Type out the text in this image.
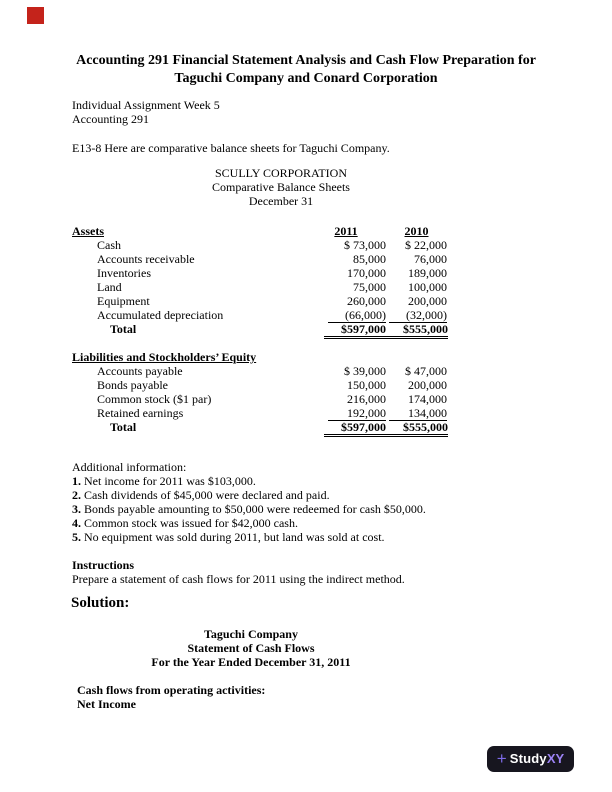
Accounting 291 Financial Statement Analysis and Cash Flow Preparation for
Taguchi Company and Conard Corporation
Individual Assignment Week 5
Accounting 291
E13-8 Here are comparative balance sheets for Taguchi Company.
SCULLY CORPORATION
Comparative Balance Sheets
December 31
Assets	2011	2010
Cash	$ 73,000	$ 22,000
Accounts receivable	85,000	76,000
Inventories	170,000	189,000
Land	75,000	100,000
Equipment	260,000	200,000
Accumulated depreciation	(66,000)	(32,000)
Total	$597,000	$555,000
Liabilities and Stockholders’ Equity
Accounts payable	$ 39,000	$ 47,000
Bonds payable	150,000	200,000
Common stock ($1 par)	216,000	174,000
Retained earnings	192,000	134,000
Total	$597,000	$555,000
Additional information:
1. Net income for 2011 was $103,000.
2. Cash dividends of $45,000 were declared and paid.
3. Bonds payable amounting to $50,000 were redeemed for cash $50,000.
4. Common stock was issued for $42,000 cash.
5. No equipment was sold during 2011, but land was sold at cost.
Instructions
Prepare a statement of cash flows for 2011 using the indirect method.
Solution:
Taguchi Company
Statement of Cash Flows
For the Year Ended December 31, 2011
Cash flows from operating activities:
Net Income
+ StudyXY
